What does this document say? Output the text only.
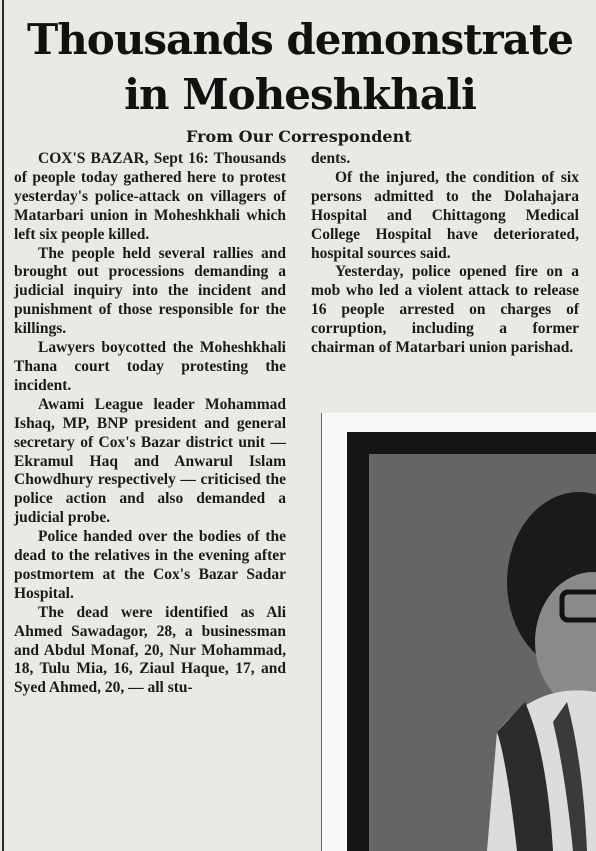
Thousands demonstrate
in Moheshkhali
From Our Correspondent

COX'S BAZAR, Sept 16: Thousands of people today gathered here to protest yesterday's police-attack on villagers of Matarbari union in Moheshkhali which left six people killed.

The people held several rallies and brought out processions demanding a judicial inquiry into the incident and punishment of those responsible for the killings.

Lawyers boycotted the Moheshkhali Thana court today protesting the incident.

Awami League leader Mohammad Ishaq, MP, BNP president and general secretary of Cox's Bazar district unit — Ekramul Haq and Anwarul Islam Chowdhury respectively — criticised the police action and also demanded a judicial probe.

Police handed over the bodies of the dead to the relatives in the evening after postmortem at the Cox's Bazar Sadar Hospital.

The dead were identified as Ali Ahmed Sawadagor, 28, a businessman and Abdul Monaf, 20, Nur Mohammad, 18, Tulu Mia, 16, Ziaul Haque, 17, and Syed Ahmed, 20, — all stu-

dents.

Of the injured, the condition of six persons admitted to the Dolahajara Hospital and Chittagong Medical College Hospital have deteriorated, hospital sources said.

Yesterday, police opened fire on a mob who led a violent attack to release 16 people arrested on charges of corruption, including a former chairman of Matarbari union parishad.
